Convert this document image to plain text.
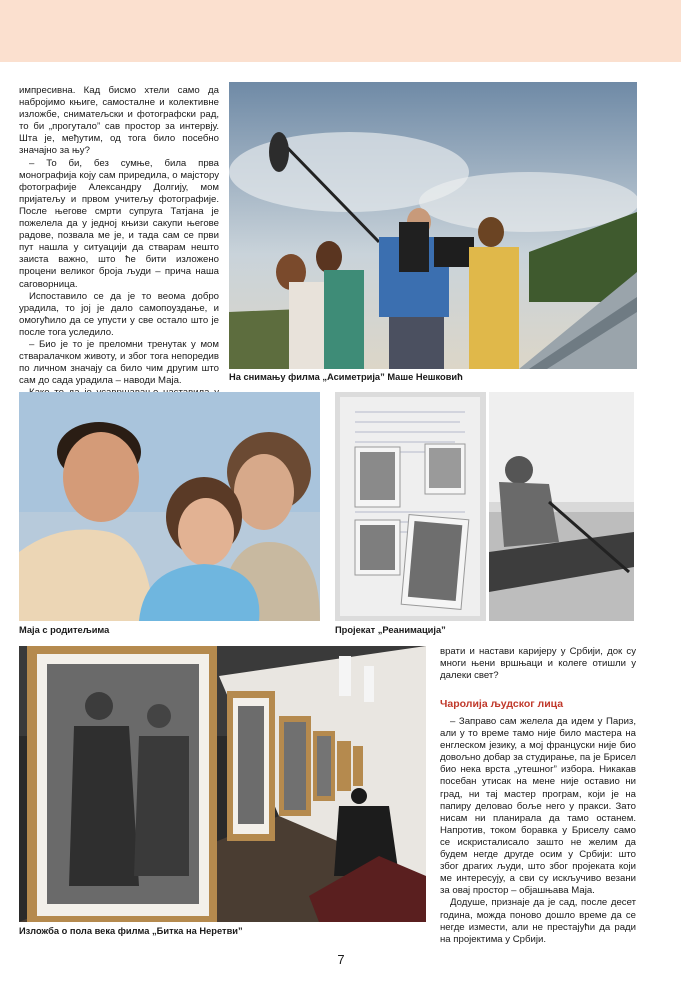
импресивна. Кад бисмо хтели само да набројимо књиге, самосталне и колективне изложбе, сниматељски и фотографски рад, то би „прогутало” сав простор за интервју. Шта је, међутим, од тога било посебно значајно за њу?

– То би, без сумње, била прва монографија коју сам приредила, о мајстору фотографије Александру Долгију, мом пријатељу и првом учитељу фотографије. После његове смрти супруга Татјана је пожелела да у једној књизи сакупи његове радове, позвала ме је, и тада сам се први пут нашла у ситуацији да стварам нешто заиста важно, што ће бити изложено процени великог броја људи – прича наша саговорница.

Испоставило се да је то веома добро урадила, то јој је дало самопоуздање, и омогућило да се упусти у све остало што је после тога уследило.

– Био је то је преломни тренутак у мом стваралачком животу, и због тога непоредив по личном значају са било чим другим што сам до сада урадила – наводи Маја.	На снимању филма „Асиметрија” Маше Нешковић
Маја с родитељима	Пројекат „Реанимација”
Изложба о пола века филма „Битка на Неретви”

врати и настави каријеру у Србији, док су многи њени вршњаци и колеге отишли у далеки свет?

Чаролија људског лица

– Заправо сам желела да идем у Париз, али у то време тамо није било мастера на енглеском језику, а мој француски није био довољно добар за студирање, па је Брисел био нека врста „утешног” избора. Никакав посебан утисак на мене није оставио ни град, ни тај мастер програм, који је на папиру деловао боље него у пракси. Зато нисам ни планирала да тамо останем. Напротив, током боравка у Бриселу само се искристалисало зашто не желим да будем негде другде осим у Србији: што због драгих људи, што због пројеката који ме интересују, а сви су искључиво везани за овај простор – објашњава Маја.

Додуше, признаје да је сад, после десет година, можда поново дошло време да се негде измести, али не престајући да ради на пројектима у Србији.

7
